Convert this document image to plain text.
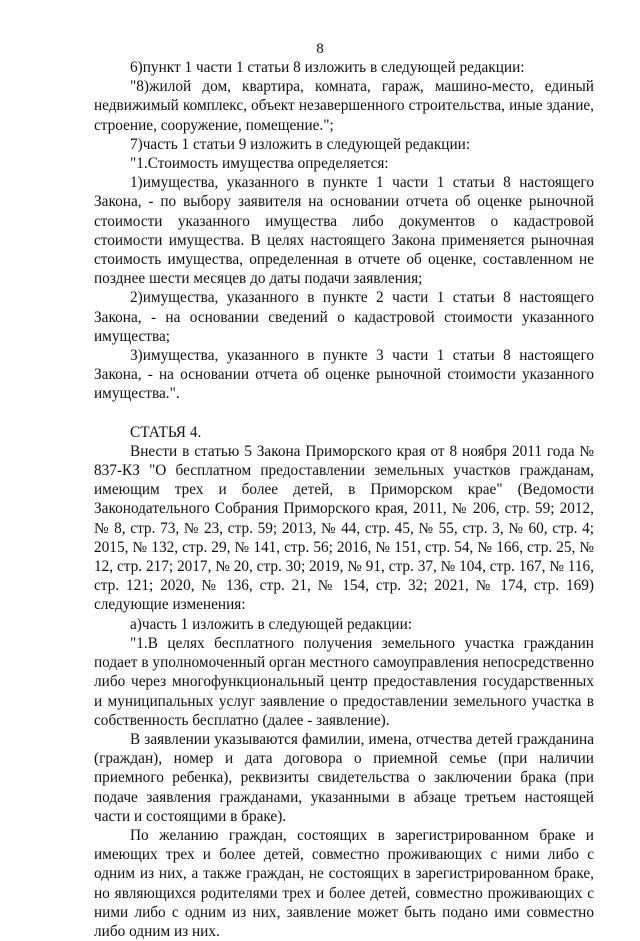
8

6)пункт 1 части 1 статьи 8 изложить в следующей редакции:

"8)жилой дом, квартира, комната, гараж, машино-место, единый недвижимый комплекс, объект незавершенного строительства, иные здание, строение, сооружение, помещение.";

7)часть 1 статьи 9 изложить в следующей редакции:

"1.Стоимость имущества определяется:

1)имущества, указанного в пункте 1 части 1 статьи 8 настоящего Закона, - по выбору заявителя на основании отчета об оценке рыночной стоимости указанного имущества либо документов о кадастровой стоимости имущества. В целях настоящего Закона применяется рыночная стоимость имущества, определенная в отчете об оценке, составленном не позднее шести месяцев до даты подачи заявления;

2)имущества, указанного в пункте 2 части 1 статьи 8 настоящего Закона, - на основании сведений о кадастровой стоимости указанного имущества;

3)имущества, указанного в пункте 3 части 1 статьи 8 настоящего Закона, - на основании отчета об оценке рыночной стоимости указанного имущества.".

СТАТЬЯ 4.

Внести в статью 5 Закона Приморского края от 8 ноября 2011 года № 837-КЗ "О бесплатном предоставлении земельных участков гражданам, имеющим трех и более детей, в Приморском крае" (Ведомости Законодательного Собрания Приморского края, 2011, № 206, стр. 59; 2012, № 8, стр. 73, № 23, стр. 59; 2013, № 44, стр. 45, № 55, стр. 3, № 60, стр. 4; 2015, № 132, стр. 29, № 141, стр. 56; 2016, № 151, стр. 54, № 166, стр. 25, № 12, стр. 217; 2017, № 20, стр. 30; 2019, № 91, стр. 37, № 104, стр. 167, № 116, стр. 121; 2020, № 136, стр. 21, № 154, стр. 32; 2021, № 174, стр. 169) следующие изменения:

а)часть 1 изложить в следующей редакции:

"1.В целях бесплатного получения земельного участка гражданин подает в уполномоченный орган местного самоуправления непосредственно либо через многофункциональный центр предоставления государственных и муниципальных услуг заявление о предоставлении земельного участка в собственность бесплатно (далее - заявление).

В заявлении указываются фамилии, имена, отчества детей гражданина (граждан), номер и дата договора о приемной семье (при наличии приемного ребенка), реквизиты свидетельства о заключении брака (при подаче заявления гражданами, указанными в абзаце третьем настоящей части и состоящими в браке).

По желанию граждан, состоящих в зарегистрированном браке и имеющих трех и более детей, совместно проживающих с ними либо с одним из них, а также граждан, не состоящих в зарегистрированном браке, но являющихся родителями трех и более детей, совместно проживающих с ними либо с одним из них, заявление может быть подано ими совместно либо одним из них.
